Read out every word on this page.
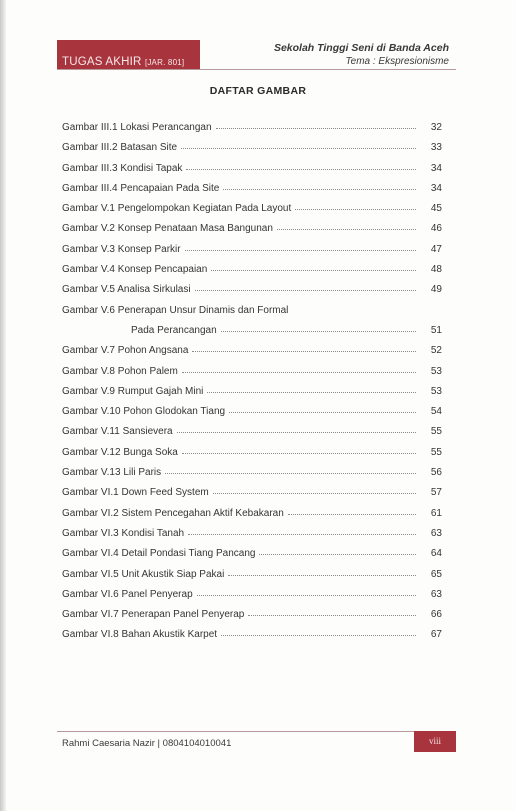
TUGAS AKHIR [JAR. 801]
Sekolah Tinggi Seni di Banda Aceh
Tema : Ekspresionisme
DAFTAR GAMBAR
Gambar III.1 Lokasi Perancangan	32
Gambar III.2 Batasan Site	33
Gambar III.3 Kondisi Tapak	34
Gambar III.4 Pencapaian Pada Site	34
Gambar V.1 Pengelompokan Kegiatan Pada Layout	45
Gambar V.2 Konsep Penataan Masa Bangunan	46
Gambar V.3 Konsep Parkir	47
Gambar V.4 Konsep Pencapaian	48
Gambar V.5 Analisa Sirkulasi	49
Gambar V.6 Penerapan Unsur Dinamis dan Formal
Pada Perancangan	51
Gambar V.7 Pohon Angsana	52
Gambar V.8 Pohon Palem	53
Gambar V.9 Rumput Gajah Mini	53
Gambar V.10 Pohon Glodokan Tiang	54
Gambar V.11 Sansievera	55
Gambar V.12 Bunga Soka	55
Gambar V.13 Lili Paris	56
Gambar VI.1 Down Feed System	57
Gambar VI.2 Sistem Pencegahan Aktif Kebakaran	61
Gambar VI.3 Kondisi Tanah	63
Gambar VI.4 Detail Pondasi Tiang Pancang	64
Gambar VI.5 Unit Akustik Siap Pakai	65
Gambar VI.6 Panel Penyerap	63
Gambar VI.7 Penerapan Panel Penyerap	66
Gambar VI.8 Bahan Akustik Karpet	67
Rahmi Caesaria Nazir | 0804104010041	viii
